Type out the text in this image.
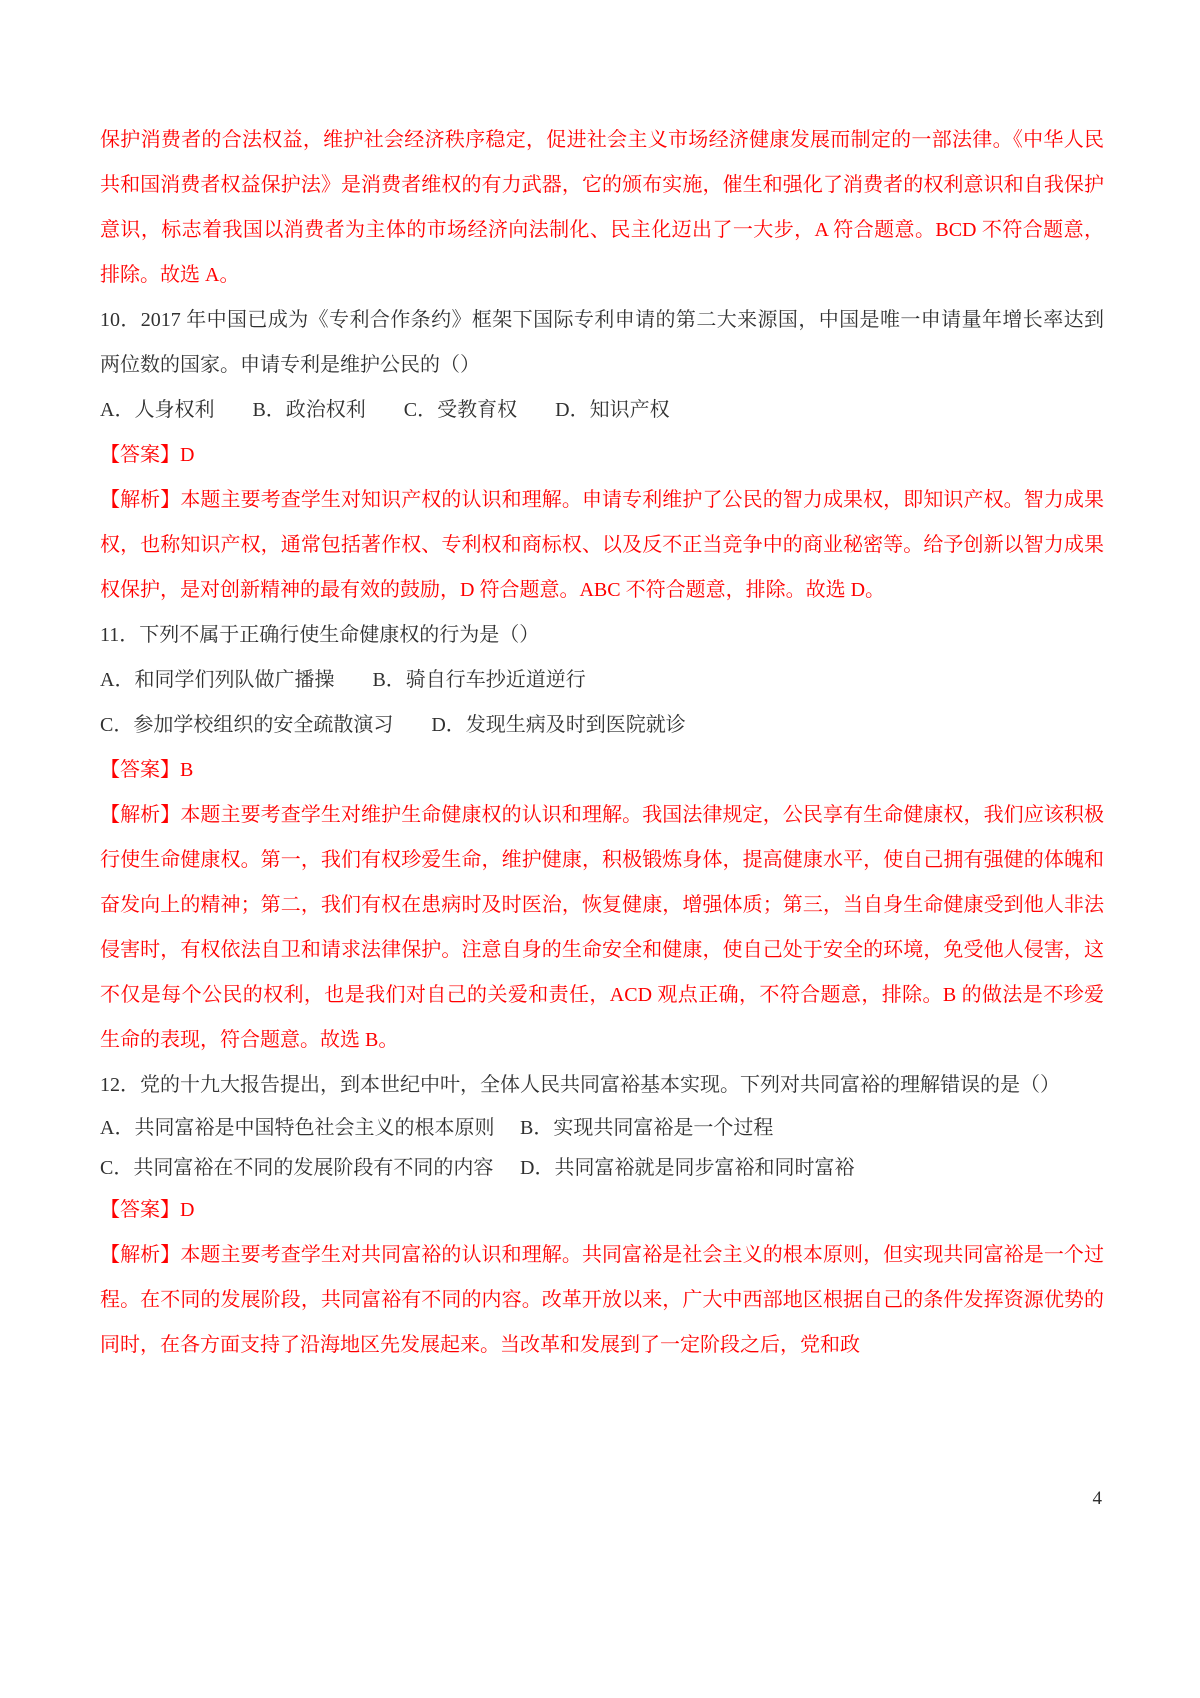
保护消费者的合法权益，维护社会经济秩序稳定，促进社会主义市场经济健康发展而制定的一部法律。《中华人民共和国消费者权益保护法》是消费者维权的有力武器，它的颁布实施，催生和强化了消费者的权利意识和自我保护意识，标志着我国以消费者为主体的市场经济向法制化、民主化迈出了一大步，A 符合题意。BCD 不符合题意，排除。故选 A。

10．2017 年中国已成为《专利合作条约》框架下国际专利申请的第二大来源国，中国是唯一申请量年增长率达到两位数的国家。申请专利是维护公民的（）

A．人身权利 B．政治权利 C．受教育权 D．知识产权

【答案】D

【解析】本题主要考查学生对知识产权的认识和理解。申请专利维护了公民的智力成果权，即知识产权。智力成果权，也称知识产权，通常包括著作权、专利权和商标权、以及反不正当竞争中的商业秘密等。给予创新以智力成果权保护，是对创新精神的最有效的鼓励，D 符合题意。ABC 不符合题意，排除。故选 D。

11．下列不属于正确行使生命健康权的行为是（）

A．和同学们列队做广播操 B．骑自行车抄近道逆行

C．参加学校组织的安全疏散演习 D．发现生病及时到医院就诊

【答案】B

【解析】本题主要考查学生对维护生命健康权的认识和理解。我国法律规定，公民享有生命健康权，我们应该积极行使生命健康权。第一，我们有权珍爱生命，维护健康，积极锻炼身体，提高健康水平，使自己拥有强健的体魄和奋发向上的精神；第二，我们有权在患病时及时医治，恢复健康，增强体质；第三，当自身生命健康受到他人非法侵害时，有权依法自卫和请求法律保护。注意自身的生命安全和健康，使自己处于安全的环境，免受他人侵害，这不仅是每个公民的权利，也是我们对自己的关爱和责任，ACD 观点正确，不符合题意，排除。B 的做法是不珍爱生命的表现，符合题意。故选 B。

12．党的十九大报告提出，到本世纪中叶，全体人民共同富裕基本实现。下列对共同富裕的理解错误的是（）

A．共同富裕是中国特色社会主义的根本原则	B．实现共同富裕是一个过程

C．共同富裕在不同的发展阶段有不同的内容	D．共同富裕就是同步富裕和同时富裕

【答案】D

【解析】本题主要考查学生对共同富裕的认识和理解。共同富裕是社会主义的根本原则，但实现共同富裕是一个过程。在不同的发展阶段，共同富裕有不同的内容。改革开放以来，广大中西部地区根据自己的条件发挥资源优势的同时，在各方面支持了沿海地区先发展起来。当改革和发展到了一定阶段之后，党和政

4
